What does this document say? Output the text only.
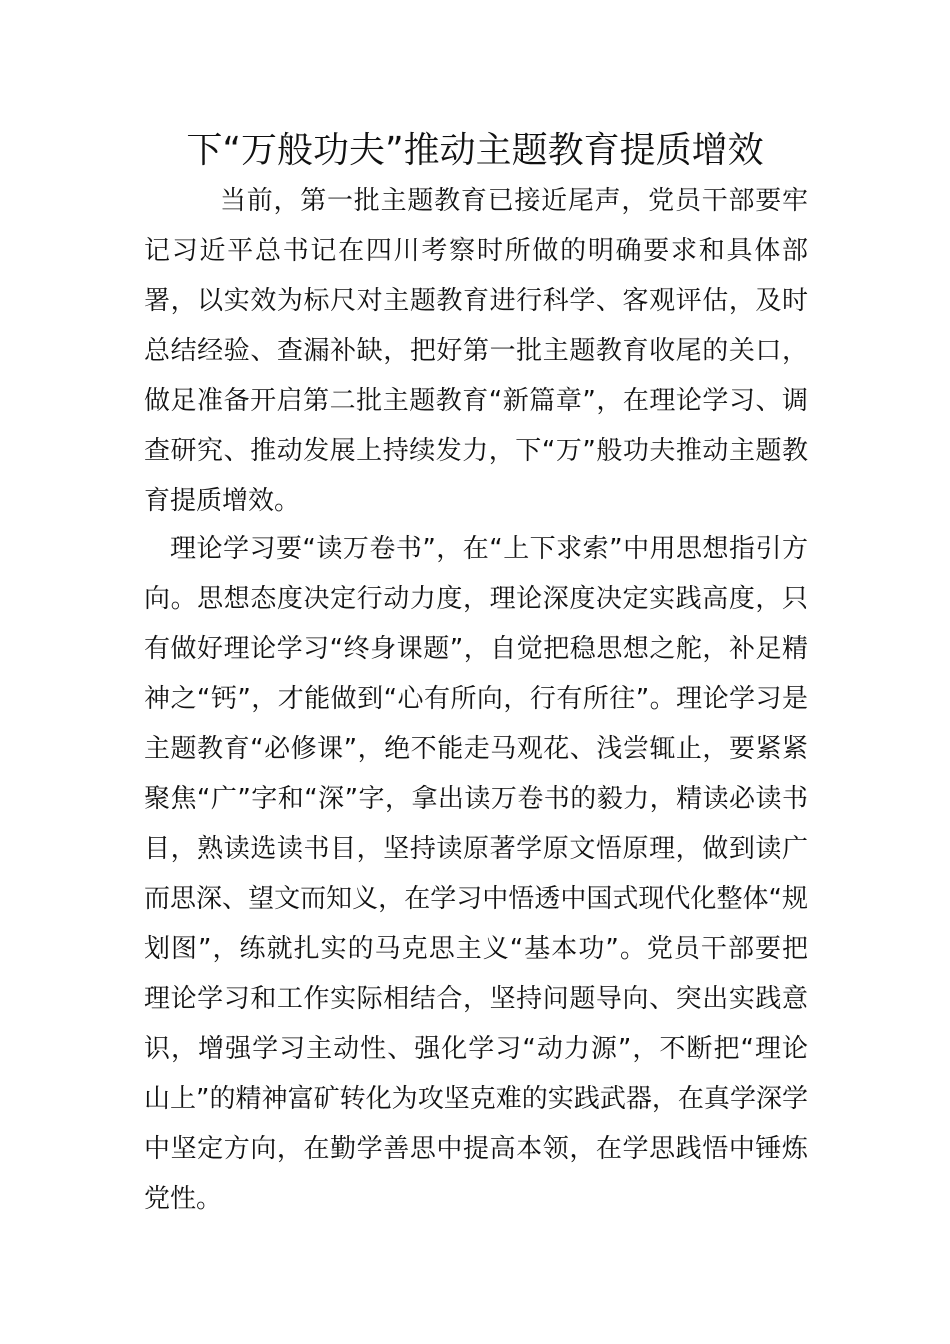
下“万般功夫”推动主题教育提质增效

当前，第一批主题教育已接近尾声，党员干部要牢记习近平总书记在四川考察时所做的明确要求和具体部署，以实效为标尺对主题教育进行科学、客观评估，及时总结经验、查漏补缺，把好第一批主题教育收尾的关口，做足准备开启第二批主题教育“新篇章”，在理论学习、调查研究、推动发展上持续发力，下“万”般功夫推动主题教育提质增效。

理论学习要“读万卷书”，在“上下求索”中用思想指引方向。思想态度决定行动力度，理论深度决定实践高度，只有做好理论学习“终身课题”，自觉把稳思想之舵，补足精神之“钙”，才能做到“心有所向，行有所往”。理论学习是主题教育“必修课”，绝不能走马观花、浅尝辄止，要紧紧聚焦“广”字和“深”字，拿出读万卷书的毅力，精读必读书目，熟读选读书目，坚持读原著学原文悟原理，做到读广而思深、望文而知义，在学习中悟透中国式现代化整体“规划图”，练就扎实的马克思主义“基本功”。党员干部要把理论学习和工作实际相结合，坚持问题导向、突出实践意识，增强学习主动性、强化学习“动力源”，不断把“理论山上”的精神富矿转化为攻坚克难的实践武器，在真学深学中坚定方向，在勤学善思中提高本领，在学思践悟中锤炼党性。
